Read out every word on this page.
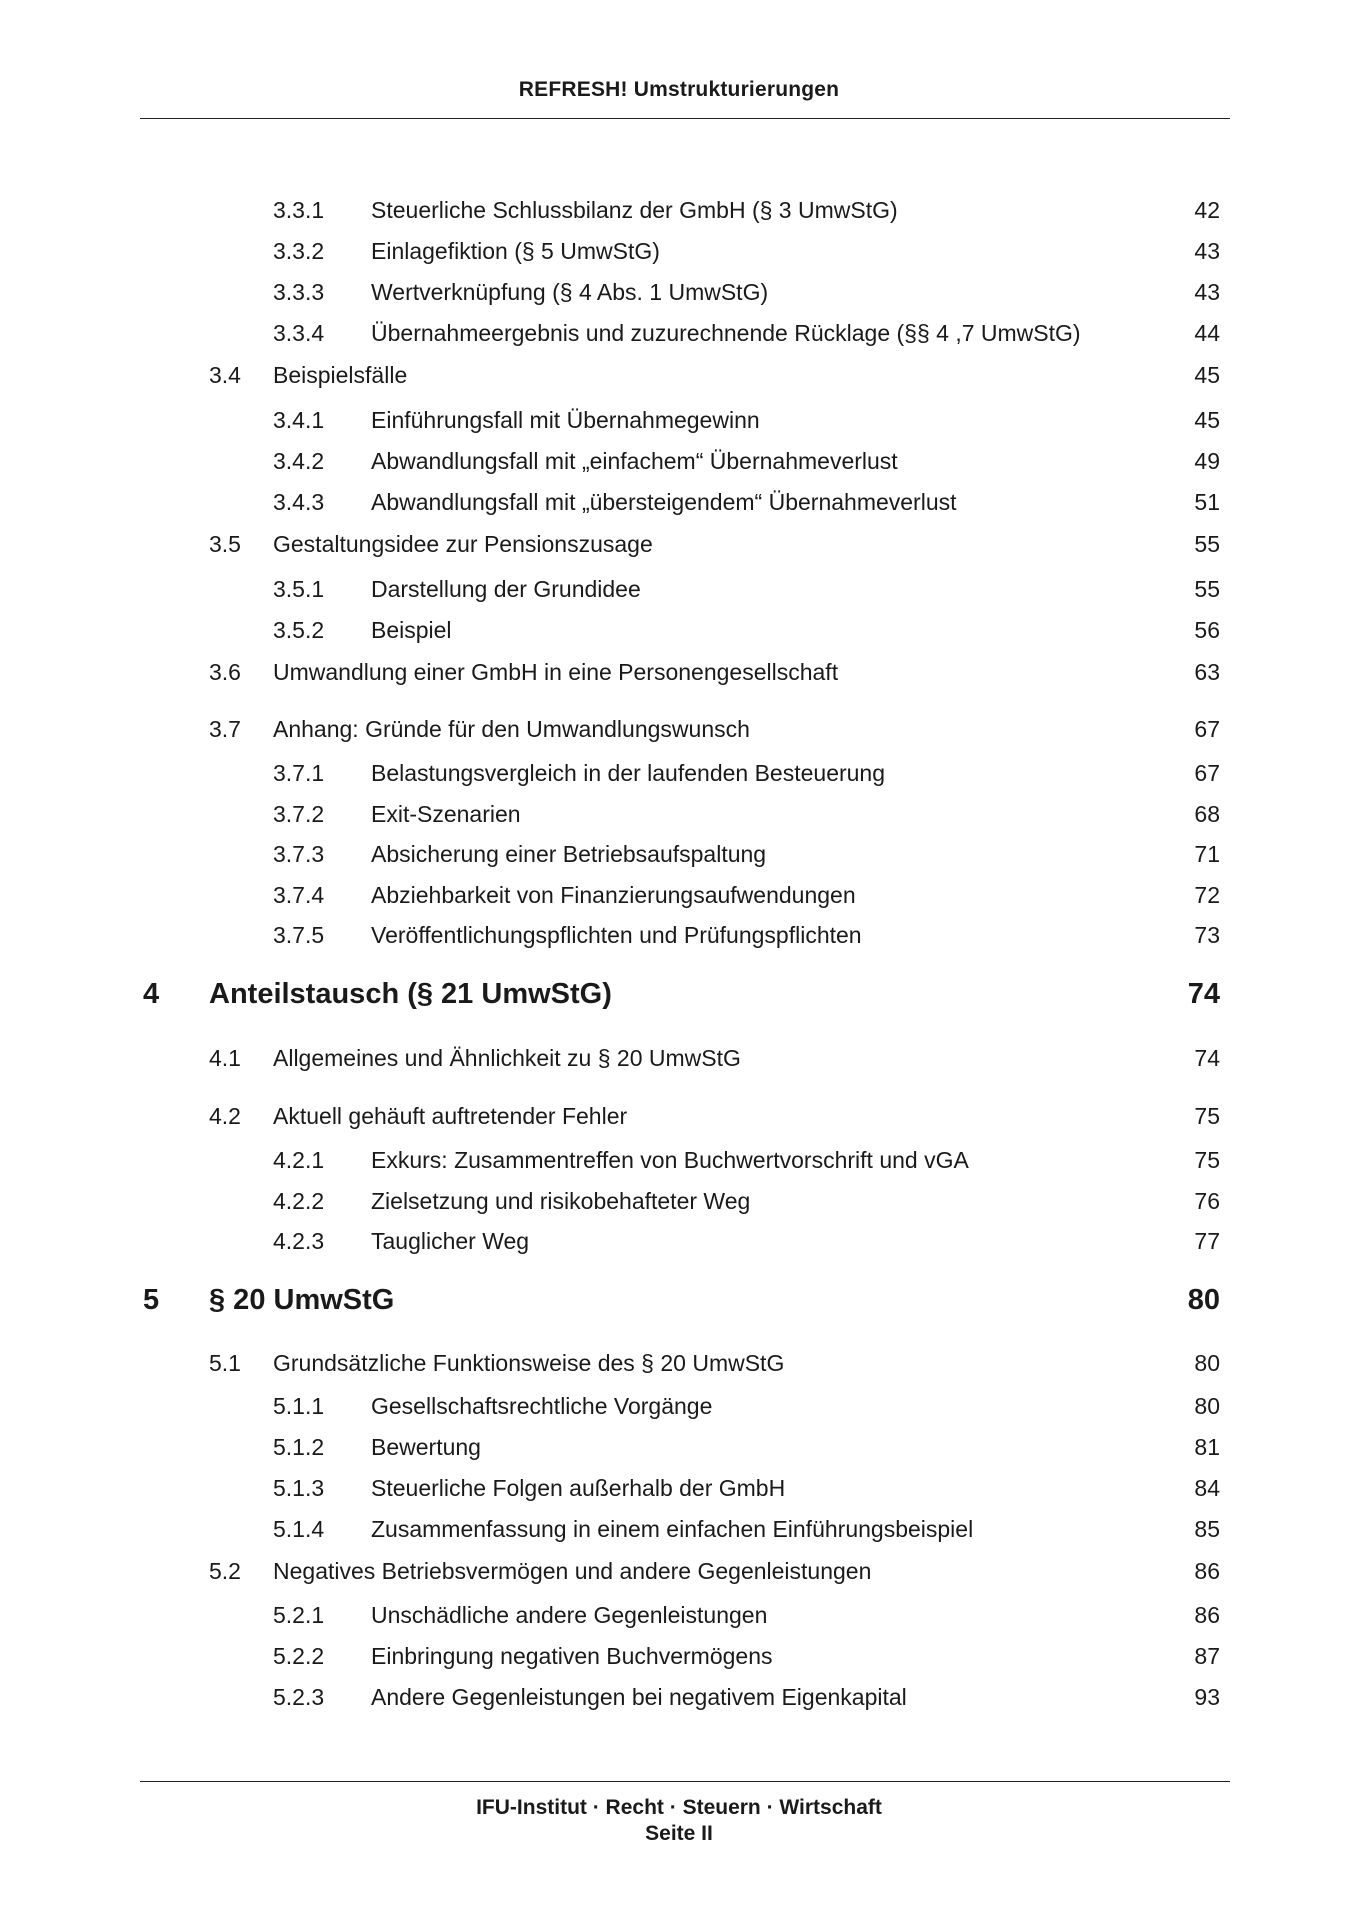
REFRESH! Umstrukturierungen
3.3.1 Steuerliche Schlussbilanz der GmbH (§ 3 UmwStG)	42
3.3.2 Einlagefiktion (§ 5 UmwStG)	43
3.3.3 Wertverknüpfung (§ 4 Abs. 1 UmwStG)	43
3.3.4 Übernahmeergebnis und zuzurechnende Rücklage (§§ 4 ,7 UmwStG)	44
3.4 Beispielsfälle	45
3.4.1 Einführungsfall mit Übernahmegewinn	45
3.4.2 Abwandlungsfall mit „einfachem“ Übernahmeverlust	49
3.4.3 Abwandlungsfall mit „übersteigendem“ Übernahmeverlust	51
3.5 Gestaltungsidee zur Pensionszusage	55
3.5.1 Darstellung der Grundidee	55
3.5.2 Beispiel	56
3.6 Umwandlung einer GmbH in eine Personengesellschaft	63
3.7 Anhang: Gründe für den Umwandlungswunsch	67
3.7.1 Belastungsvergleich in der laufenden Besteuerung	67
3.7.2 Exit-Szenarien	68
3.7.3 Absicherung einer Betriebsaufspaltung	71
3.7.4 Abziehbarkeit von Finanzierungsaufwendungen	72
3.7.5 Veröffentlichungspflichten und Prüfungspflichten	73
4 Anteilstausch (§ 21 UmwStG)	74
4.1 Allgemeines und Ähnlichkeit zu § 20 UmwStG	74
4.2 Aktuell gehäuft auftretender Fehler	75
4.2.1 Exkurs: Zusammentreffen von Buchwertvorschrift und vGA	75
4.2.2 Zielsetzung und risikobehafteter Weg	76
4.2.3 Tauglicher Weg	77
5 § 20 UmwStG	80
5.1 Grundsätzliche Funktionsweise des § 20 UmwStG	80
5.1.1 Gesellschaftsrechtliche Vorgänge	80
5.1.2 Bewertung	81
5.1.3 Steuerliche Folgen außerhalb der GmbH	84
5.1.4 Zusammenfassung in einem einfachen Einführungsbeispiel	85
5.2 Negatives Betriebsvermögen und andere Gegenleistungen	86
5.2.1 Unschädliche andere Gegenleistungen	86
5.2.2 Einbringung negativen Buchvermögens	87
5.2.3 Andere Gegenleistungen bei negativem Eigenkapital	93
IFU-Institut · Recht · Steuern · Wirtschaft
Seite II
